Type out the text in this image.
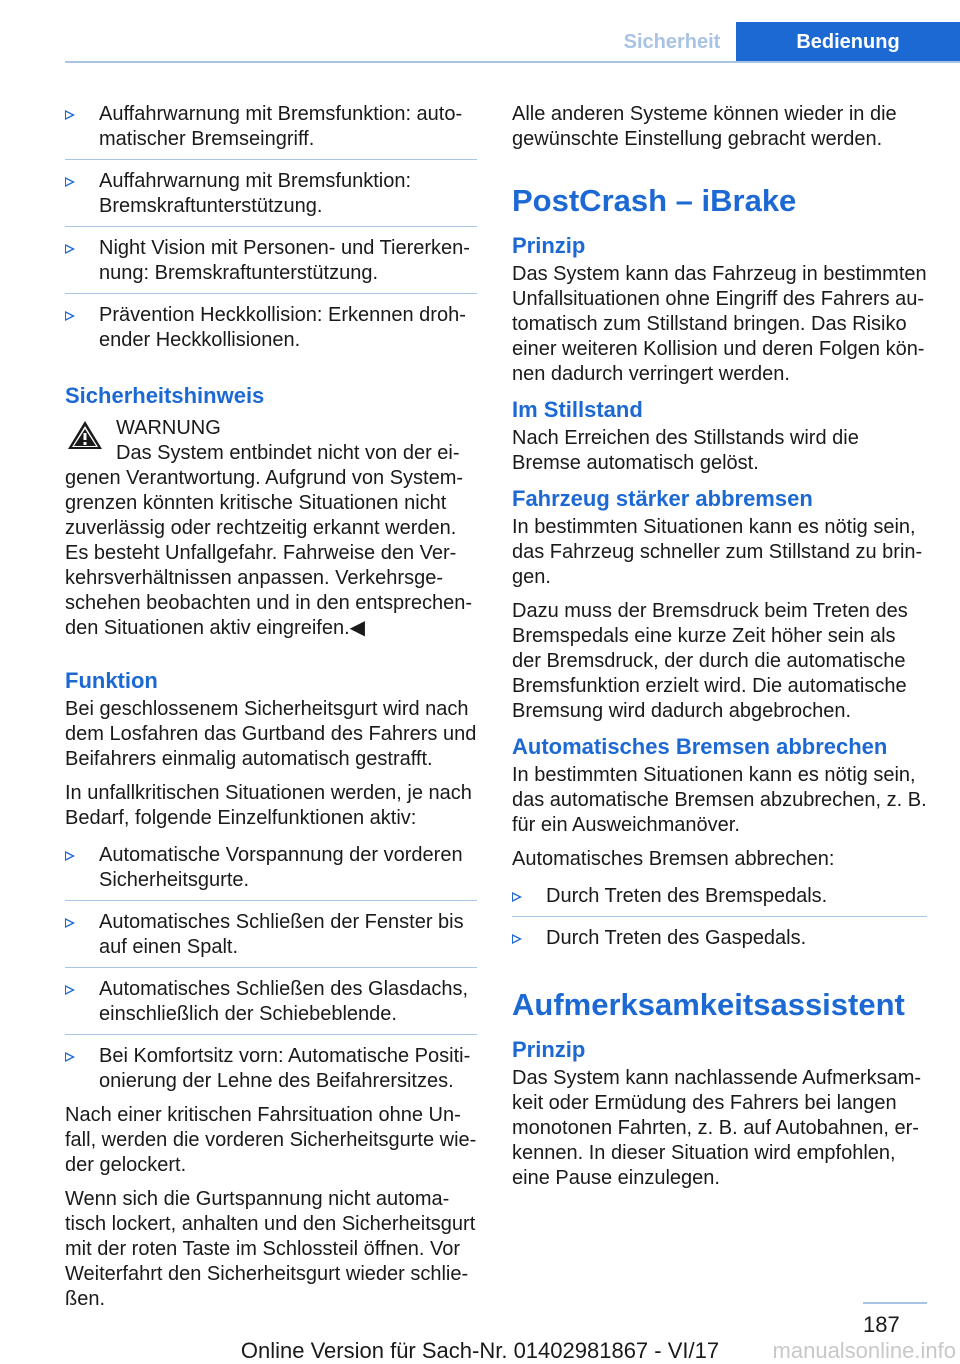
Sicherheit	Bedienung
Auffahrwarnung mit Bremsfunktion: auto-matischer Bremseingriff.
Auffahrwarnung mit Bremsfunktion: Bremskraftunterstützung.
Night Vision mit Personen- und Tiererken-nung: Bremskraftunterstützung.
Prävention Heckkollision: Erkennen droh-ender Heckkollisionen.
Sicherheitshinweis

WARNUNG

Das System entbindet nicht von der ei-genen Verantwortung. Aufgrund von System-grenzen könnten kritische Situationen nicht zuverlässig oder rechtzeitig erkannt werden. Es besteht Unfallgefahr. Fahrweise den Ver-kehrsverhältnissen anpassen. Verkehrsge-schehen beobachten und in den entsprechen-den Situationen aktiv eingreifen.◀

Funktion

Bei geschlossenem Sicherheitsgurt wird nach dem Losfahren das Gurtband des Fahrers und Beifahrers einmalig automatisch gestrafft.

In unfallkritischen Situationen werden, je nach Bedarf, folgende Einzelfunktionen aktiv:

Automatische Vorspannung der vorderen Sicherheitsgurte.
Automatisches Schließen der Fenster bis auf einen Spalt.
Automatisches Schließen des Glasdachs, einschließlich der Schiebeblende.
Bei Komfortsitz vorn: Automatische Positi-onierung der Lehne des Beifahrersitzes.

Nach einer kritischen Fahrsituation ohne Un-fall, werden die vorderen Sicherheitsgurte wie-der gelockert.

Wenn sich die Gurtspannung nicht automa-tisch lockert, anhalten und den Sicherheitsgurt mit der roten Taste im Schlossteil öffnen. Vor Weiterfahrt den Sicherheitsgurt wieder schlie-ßen.

Alle anderen Systeme können wieder in die gewünschte Einstellung gebracht werden.

PostCrash – iBrake
Prinzip

Das System kann das Fahrzeug in bestimmten Unfallsituationen ohne Eingriff des Fahrers au-tomatisch zum Stillstand bringen. Das Risiko einer weiteren Kollision und deren Folgen kön-nen dadurch verringert werden.

Im Stillstand

Nach Erreichen des Stillstands wird die Bremse automatisch gelöst.

Fahrzeug stärker abbremsen

In bestimmten Situationen kann es nötig sein, das Fahrzeug schneller zum Stillstand zu brin-gen.

Dazu muss der Bremsdruck beim Treten des Bremspedals eine kurze Zeit höher sein als der Bremsdruck, der durch die automatische Bremsfunktion erzielt wird. Die automatische Bremsung wird dadurch abgebrochen.

Automatisches Bremsen abbrechen

In bestimmten Situationen kann es nötig sein, das automatische Bremsen abzubrechen, z. B. für ein Ausweichmanöver.

Automatisches Bremsen abbrechen:

Durch Treten des Bremspedals.
Durch Treten des Gaspedals.
Aufmerksamkeitsassistent
Prinzip

Das System kann nachlassende Aufmerksam-keit oder Ermüdung des Fahrers bei langen monotonen Fahrten, z. B. auf Autobahnen, er-kennen. In dieser Situation wird empfohlen, eine Pause einzulegen.

187
Online Version für Sach-Nr. 01402981867 - VI/17	manualsonline.info
